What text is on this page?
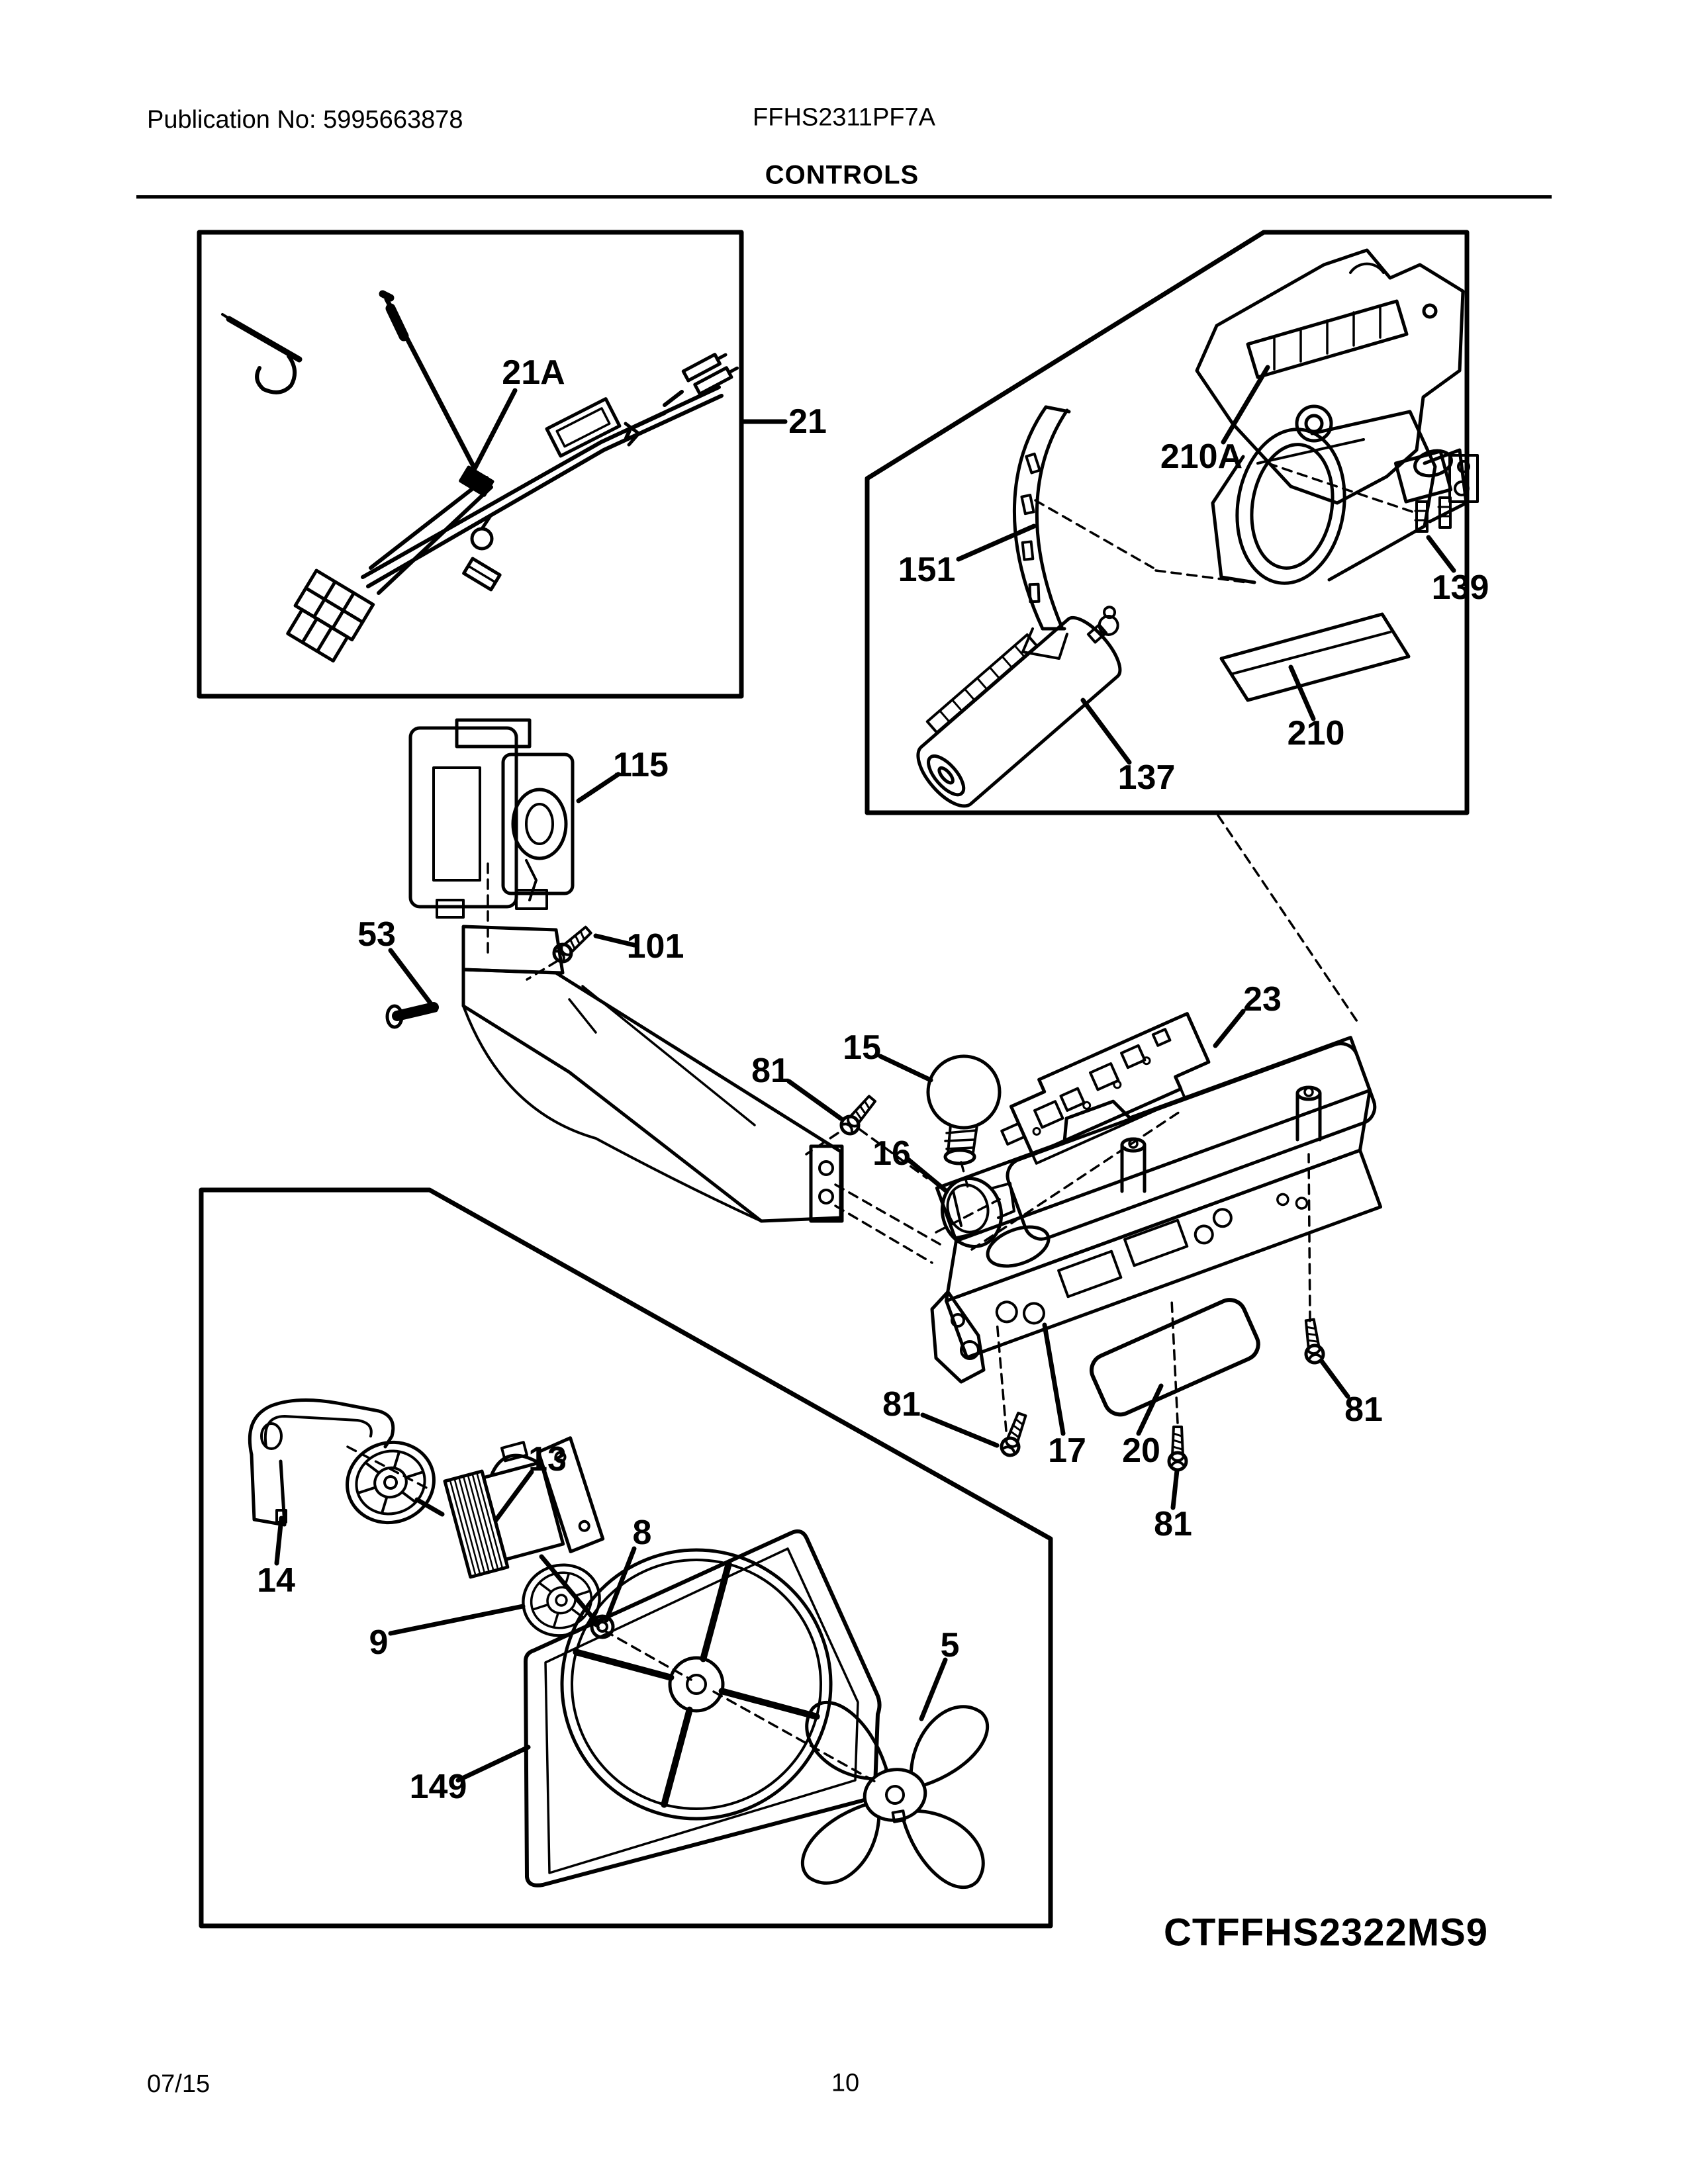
Publication No: 5995663878	FFHS2311PF7A
CONTROLS
21A
21
210A
151	139
210
137
115
53	101
15
81
16
23
81
17 20
81
81
14
13
9
8
149
5
CTFFHS2322MS9
07/15	10
